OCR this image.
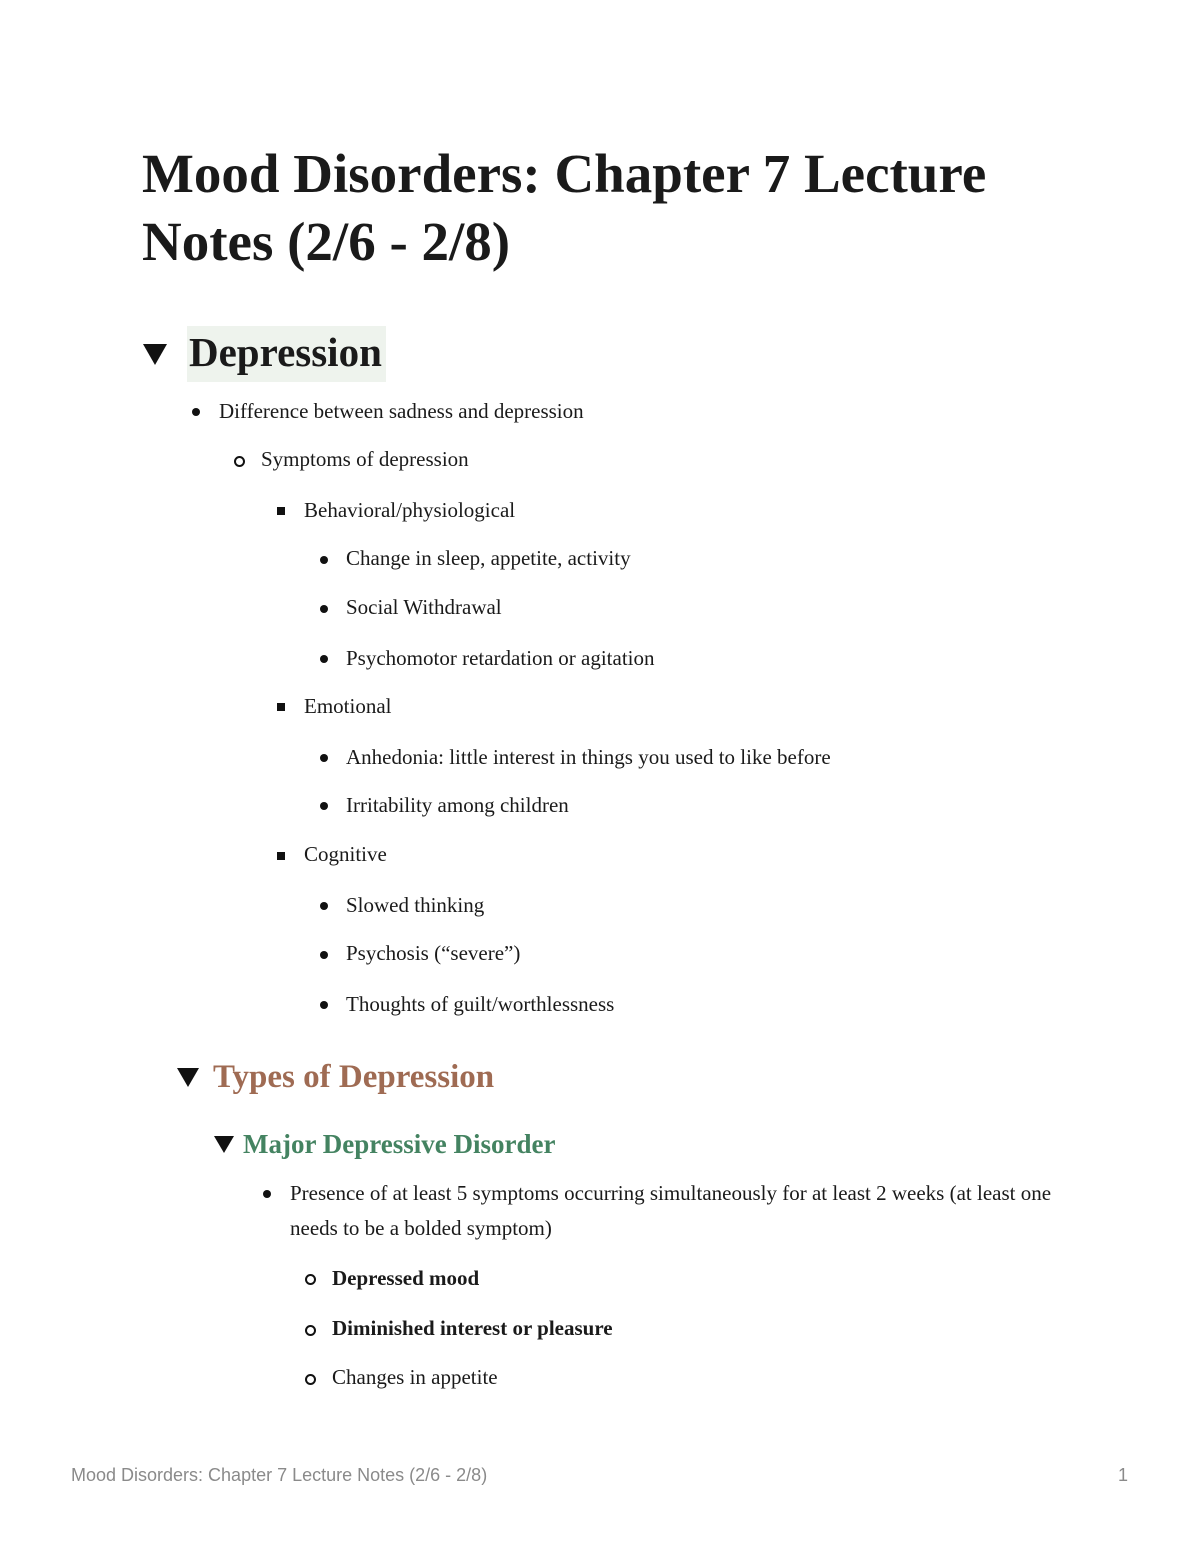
Mood Disorders: Chapter 7 Lecture Notes (2/6 - 2/8)
Depression
Difference between sadness and depression
Symptoms of depression
Behavioral/physiological
Change in sleep, appetite, activity
Social Withdrawal
Psychomotor retardation or agitation
Emotional
Anhedonia: little interest in things you used to like before
Irritability among children
Cognitive
Slowed thinking
Psychosis (“severe”)
Thoughts of guilt/worthlessness
Types of Depression
Major Depressive Disorder
Presence of at least 5 symptoms occurring simultaneously for at least 2 weeks (at least one needs to be a bolded symptom)
Depressed mood
Diminished interest or pleasure
Changes in appetite
Mood Disorders: Chapter 7 Lecture Notes (2/6 - 2/8)	1
